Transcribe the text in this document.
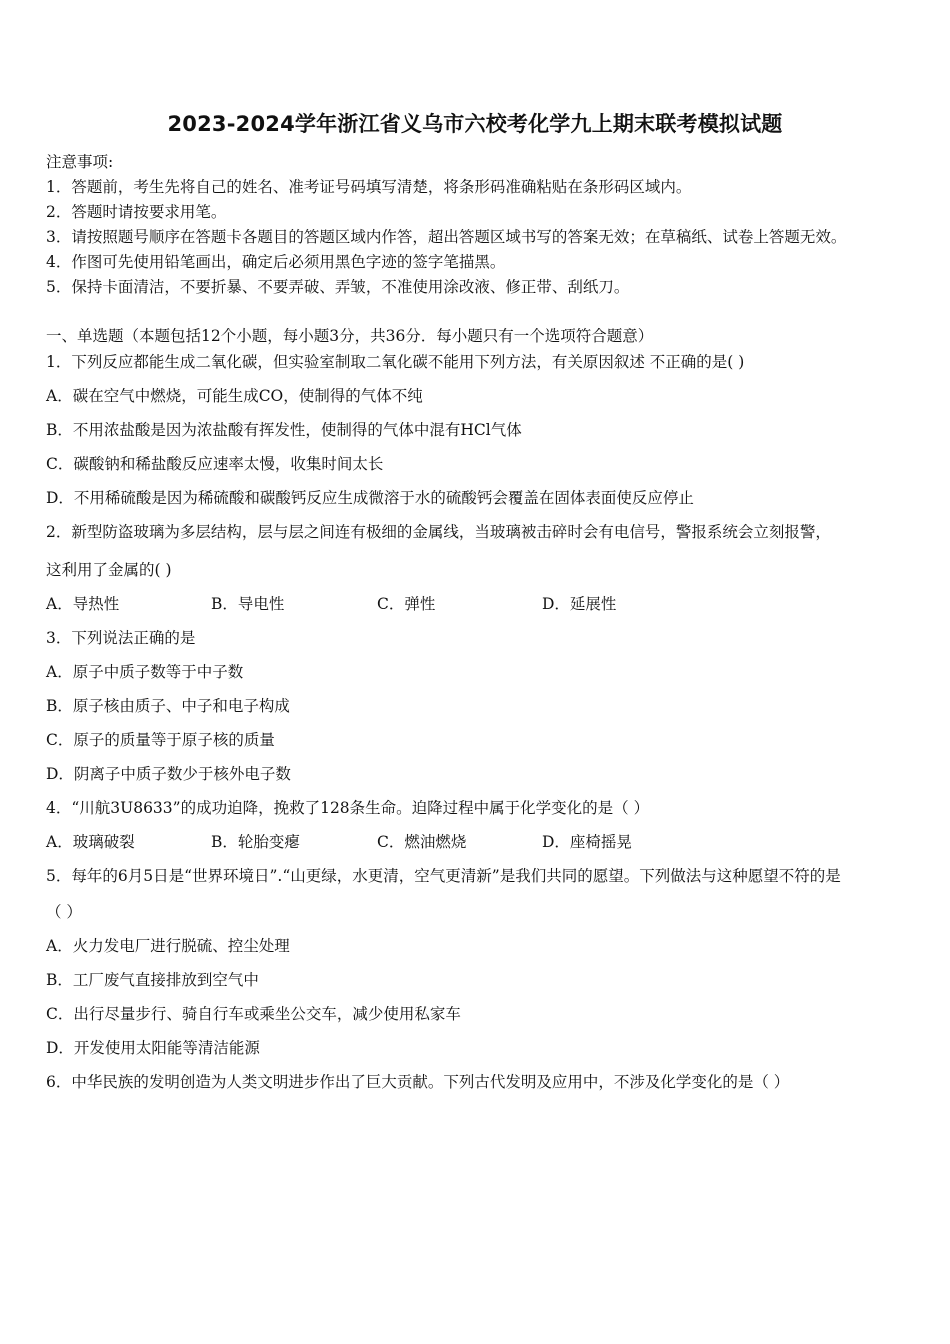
2023-2024学年浙江省义乌市六校考化学九上期末联考模拟试题
注意事项:
1．答题前，考生先将自己的姓名、准考证号码填写清楚，将条形码准确粘贴在条形码区域内。
2．答题时请按要求用笔。
3．请按照题号顺序在答题卡各题目的答题区域内作答，超出答题区域书写的答案无效；在草稿纸、试卷上答题无效。
4．作图可先使用铅笔画出，确定后必须用黑色字迹的签字笔描黑。
5．保持卡面清洁，不要折暴、不要弄破、弄皱，不准使用涂改液、修正带、刮纸刀。
一、单选题（本题包括12个小题，每小题3分，共36分．每小题只有一个选项符合题意）
1．下列反应都能生成二氧化碳，但实验室制取二氧化碳不能用下列方法，有关原因叙述 不正确的是( )
A．碳在空气中燃烧，可能生成CO，使制得的气体不纯
B．不用浓盐酸是因为浓盐酸有挥发性，使制得的气体中混有HCl气体
C．碳酸钠和稀盐酸反应速率太慢，收集时间太长
D．不用稀硫酸是因为稀硫酸和碳酸钙反应生成微溶于水的硫酸钙会覆盖在固体表面使反应停止
2．新型防盗玻璃为多层结构，层与层之间连有极细的金属线，当玻璃被击碎时会有电信号，警报系统会立刻报警，
这利用了金属的( )
A．导热性	B．导电性	C．弹性	D．延展性
3．下列说法正确的是
A．原子中质子数等于中子数
B．原子核由质子、中子和电子构成
C．原子的质量等于原子核的质量
D．阴离子中质子数少于核外电子数
4．“川航3U8633”的成功迫降，挽救了128条生命。迫降过程中属于化学变化的是（ ）
A．玻璃破裂	B．轮胎变瘪	C．燃油燃烧	D．座椅摇晃
5．每年的6月5日是“世界环境日”.“山更绿，水更清，空气更清新”是我们共同的愿望。下列做法与这种愿望不符的是
（ ）
A．火力发电厂进行脱硫、控尘处理
B．工厂废气直接排放到空气中
C．出行尽量步行、骑自行车或乘坐公交车，减少使用私家车
D．开发使用太阳能等清洁能源
6．中华民族的发明创造为人类文明进步作出了巨大贡献。下列古代发明及应用中，不涉及化学变化的是（ ）
